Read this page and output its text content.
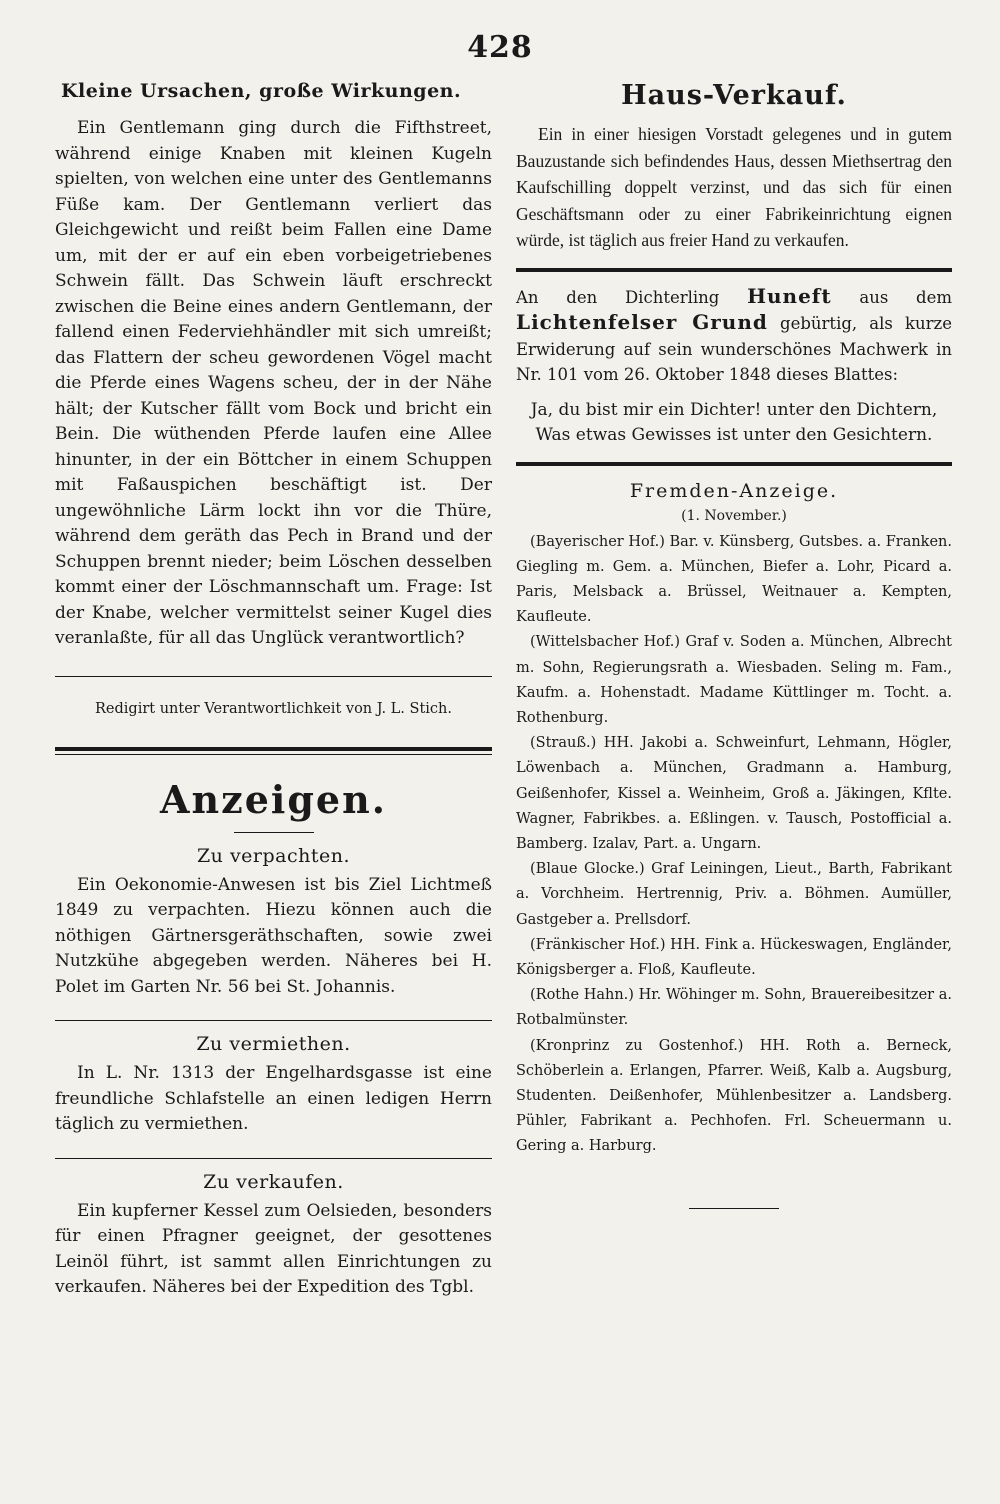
428
Kleine Ursachen, große Wirkungen.

Ein Gentlemann ging durch die Fifthstreet, während einige Knaben mit kleinen Kugeln spielten, von welchen eine unter des Gentlemanns Füße kam. Der Gentlemann verliert das Gleichgewicht und reißt beim Fallen eine Dame um, mit der er auf ein eben vorbeigetriebenes Schwein fällt. Das Schwein läuft erschreckt zwischen die Beine eines andern Gentlemann, der fallend einen Federviehhändler mit sich umreißt; das Flattern der scheu gewordenen Vögel macht die Pferde eines Wagens scheu, der in der Nähe hält; der Kutscher fällt vom Bock und bricht ein Bein. Die wüthenden Pferde laufen eine Allee hinunter, in der ein Böttcher in einem Schuppen mit Faßauspichen beschäftigt ist. Der ungewöhnliche Lärm lockt ihn vor die Thüre, während dem geräth das Pech in Brand und der Schuppen brennt nieder; beim Löschen desselben kommt einer der Löschmannschaft um. Frage: Ist der Knabe, welcher vermittelst seiner Kugel dies veranlaßte, für all das Unglück verantwortlich?

Redigirt unter Verantwortlichkeit von J. L. Stich.
Anzeigen.
Zu verpachten.

Ein Oekonomie-Anwesen ist bis Ziel Lichtmeß 1849 zu verpachten. Hiezu können auch die nöthigen Gärtnersgeräthschaften, sowie zwei Nutzkühe abgegeben werden. Näheres bei H. Polet im Garten Nr. 56 bei St. Johannis.

Zu vermiethen.

In L. Nr. 1313 der Engelhardsgasse ist eine freundliche Schlafstelle an einen ledigen Herrn täglich zu vermiethen.

Zu verkaufen.

Ein kupferner Kessel zum Oelsieden, besonders für einen Pfragner geeignet, der gesottenes Leinöl führt, ist sammt allen Einrichtungen zu verkaufen. Näheres bei der Expedition des Tgbl.

Haus-Verkauf.

Ein in einer hiesigen Vorstadt gelegenes und in gutem Bauzustande sich befindendes Haus, dessen Miethsertrag den Kaufschilling doppelt verzinst, und das sich für einen Geschäftsmann oder zu einer Fabrikeinrichtung eignen würde, ist täglich aus freier Hand zu verkaufen.

An den Dichterling Huneft aus dem Lichtenfelser Grund gebürtig, als kurze Erwiderung auf sein wunderschönes Machwerk in Nr. 101 vom 26. Oktober 1848 dieses Blattes:

Ja, du bist mir ein Dichter! unter den Dichtern,

Was etwas Gewisses ist unter den Gesichtern.

Fremden-Anzeige.
(1. November.)

(Bayerischer Hof.) Bar. v. Künsberg, Gutsbes. a. Franken. Giegling m. Gem. a. München, Biefer a. Lohr, Picard a. Paris, Melsback a. Brüssel, Weitnauer a. Kempten, Kaufleute.

(Wittelsbacher Hof.) Graf v. Soden a. München, Albrecht m. Sohn, Regierungsrath a. Wiesbaden. Seling m. Fam., Kaufm. a. Hohenstadt. Madame Küttlinger m. Tocht. a. Rothenburg.

(Strauß.) HH. Jakobi a. Schweinfurt, Lehmann, Högler, Löwenbach a. München, Gradmann a. Hamburg, Geißenhofer, Kissel a. Weinheim, Groß a. Jäkingen, Kflte. Wagner, Fabrikbes. a. Eßlingen. v. Tausch, Postofficial a. Bamberg. Izalav, Part. a. Ungarn.

(Blaue Glocke.) Graf Leiningen, Lieut., Barth, Fabrikant a. Vorchheim. Hertrennig, Priv. a. Böhmen. Aumüller, Gastgeber a. Prellsdorf.

(Fränkischer Hof.) HH. Fink a. Hückeswagen, Engländer, Königsberger a. Floß, Kaufleute.

(Rothe Hahn.) Hr. Wöhinger m. Sohn, Brauereibesitzer a. Rotbalmünster.

(Kronprinz zu Gostenhof.) HH. Roth a. Berneck, Schöberlein a. Erlangen, Pfarrer. Weiß, Kalb a. Augsburg, Studenten. Deißenhofer, Mühlenbesitzer a. Landsberg. Pühler, Fabrikant a. Pechhofen. Frl. Scheuermann u. Gering a. Harburg.
